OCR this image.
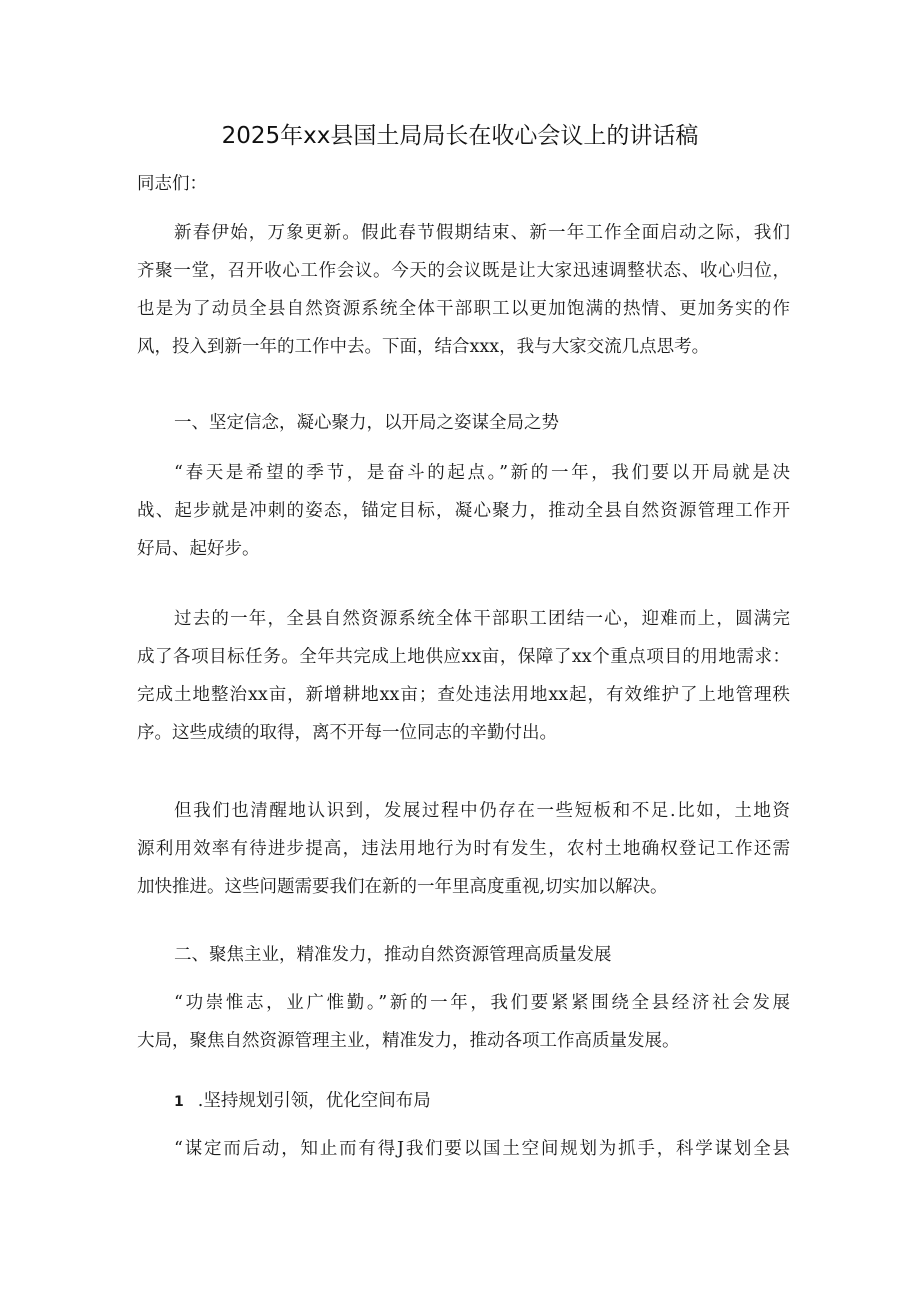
2025年xx县国土局局长在收心会议上的讲话稿
同志们：
新春伊始，万象更新。假此春节假期结束、新一年工作全面启动之际，我们
齐聚一堂，召开收心工作会议。今天的会议既是让大家迅速调整状态、收心归位，
也是为了动员全县自然资源系统全体干部职工以更加饱满的热情、更加务实的作
风，投入到新一年的工作中去。下面，结合xxx，我与大家交流几点思考。
一、坚定信念，凝心聚力，以开局之姿谋全局之势
“春天是希望的季节，是奋斗的起点。”新的一年，我们要以开局就是决
战、起步就是冲刺的姿态，锚定目标，凝心聚力，推动全县自然资源管理工作开
好局、起好步。
过去的一年，全县自然资源系统全体干部职工团结一心，迎难而上，圆满完
成了各项目标任务。全年共完成上地供应xx亩，保障了xx个重点项目的用地需求：
完成土地整治xx亩，新增耕地xx亩；查处违法用地xx起，有效维护了上地管理秩
序。这些成绩的取得，离不开每一位同志的辛勤付出。
但我们也清醒地认识到，发展过程中仍存在一些短板和不足.比如，土地资
源利用效率有待进步提高，违法用地行为时有发生，农村土地确权登记工作还需
加快推进。这些问题需要我们在新的一年里高度重视,切实加以解决。
二、聚焦主业，精准发力，推动自然资源管理高质量发展
“功崇惟志，业广惟勤。”新的一年，我们要紧紧围绕全县经济社会发展
大局，聚焦自然资源管理主业，精准发力，推动各项工作高质量发展。
1 .坚持规划引领，优化空间布局
“谋定而后动，知止而有得J我们要以国土空间规划为抓手，科学谋划全县
